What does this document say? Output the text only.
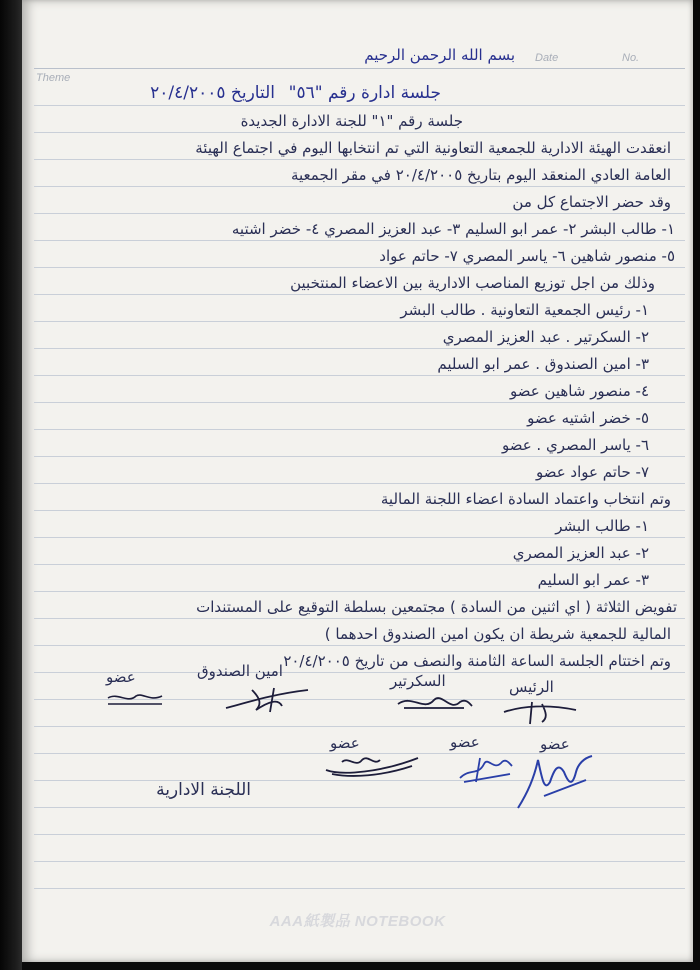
Date	No.
Theme
بسم الله الرحمن الرحيم
جلسة ادارة رقم "٥٦"
التاريخ ٢٠/٤/٢٠٠٥
جلسة رقم "١" للجنة الادارة الجديدة
انعقدت الهيئة الادارية للجمعية التعاونية التي تم انتخابها اليوم في اجتماع الهيئة
العامة العادي المنعقد اليوم بتاريخ ٢٠/٤/٢٠٠٥ في مقر الجمعية
وقد حضر الاجتماع كل من
١- طالب البشر ٢- عمر ابو السليم ٣- عبد العزيز المصري ٤- خضر اشتيه
٥- منصور شاهين ٦- ياسر المصري ٧- حاتم عواد
وذلك من اجل توزيع المناصب الادارية بين الاعضاء المنتخبين
١- رئيس الجمعية التعاونية . طالب البشر
٢- السكرتير . عبد العزيز المصري
٣- امين الصندوق . عمر ابو السليم
٤- منصور شاهين عضو
٥- خضر اشتيه عضو
٦- ياسر المصري . عضو
٧- حاتم عواد عضو
وتم انتخاب واعتماد السادة اعضاء اللجنة المالية
١- طالب البشر
٢- عبد العزيز المصري
٣- عمر ابو السليم
تفويض الثلاثة ( اي اثنين من السادة ) مجتمعين بسلطة التوقيع على المستندات
المالية للجمعية شريطة ان يكون امين الصندوق احدهما )
وتم اختتام الجلسة الساعة الثامنة والنصف من تاريخ ٢٠/٤/٢٠٠٥
الرئيس
السكرتير
امين الصندوق
عضو
عضو
عضو
عضو
اللجنة الادارية
AAA紙製品 NOTEBOOK
